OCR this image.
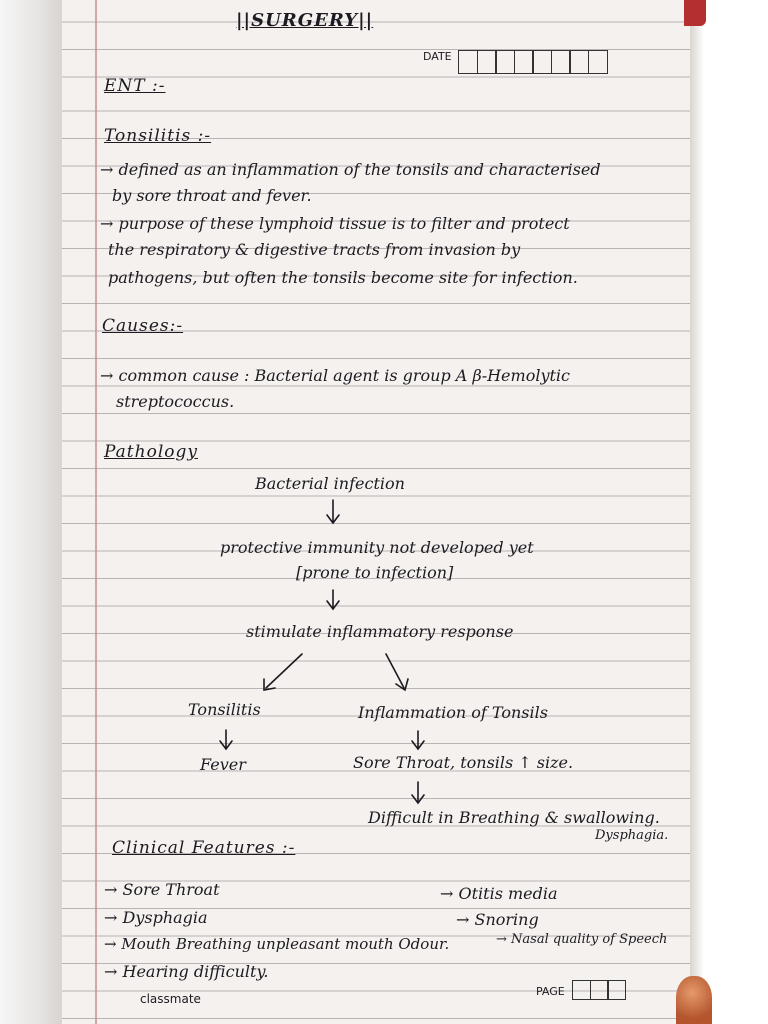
||SURGERY||
DATE
ENT :-
Tonsilitis :-
→ defined as an inflammation of the tonsils and characterised
by sore throat and fever.
→ purpose of these lymphoid tissue is to filter and protect
the respiratory & digestive tracts from invasion by
pathogens, but often the tonsils become site for infection.
Causes:-
→ common cause : Bacterial agent is group A β-Hemolytic
streptococcus.
Pathology
Bacterial infection
protective immunity not developed yet
[prone to infection]
stimulate inflammatory response
Tonsilitis	Inflammation of Tonsils
Fever	Sore Throat, tonsils ↑ size.
Difficult in Breathing & swallowing.
Dysphagia.
Clinical Features :-
→ Sore Throat
→ Dysphagia
→ Mouth Breathing unpleasant mouth Odour.
→ Hearing difficulty.
→ Otitis media
→ Snoring
→ Nasal quality of Speech
classmate
PAGE
